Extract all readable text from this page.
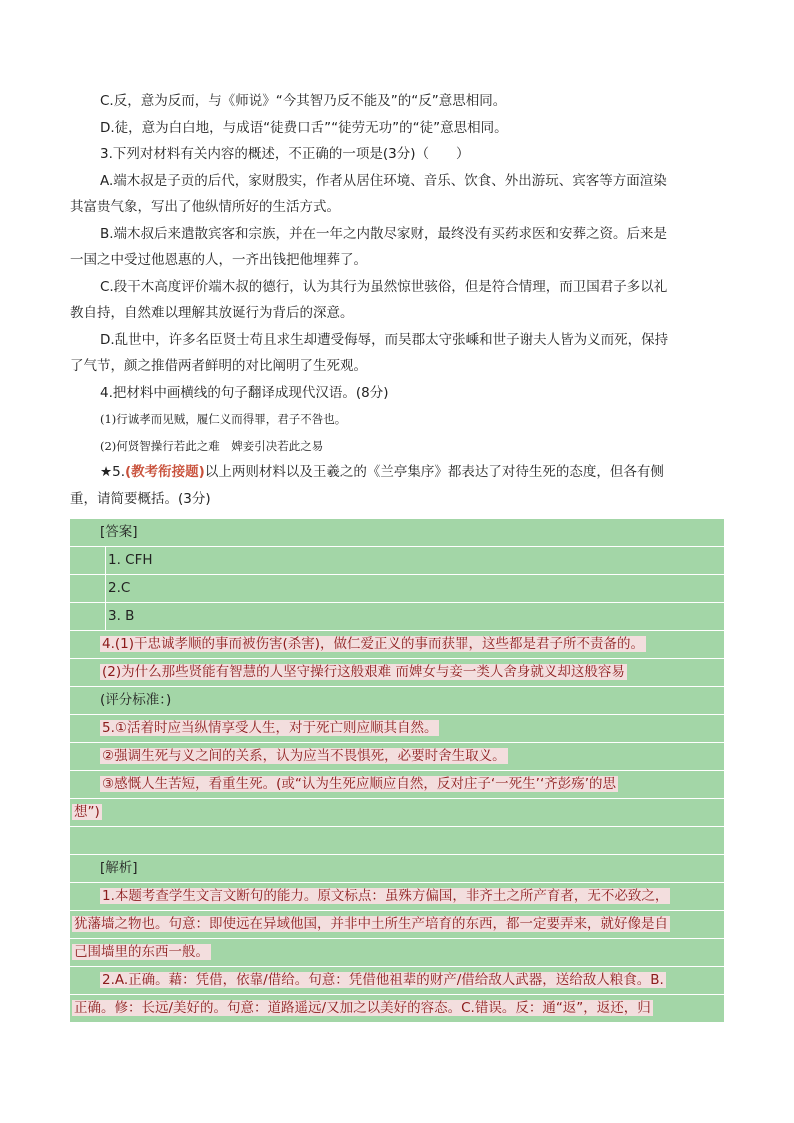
C.反，意为反而，与《师说》“今其智乃反不能及”的“反”意思相同。
D.徒，意为白白地，与成语“徒费口舌”“徒劳无功”的“徒”意思相同。
3.下列对材料有关内容的概述，不正确的一项是(3分)（　　）
A.端木叔是子贡的后代，家财殷实，作者从居住环境、音乐、饮食、外出游玩、宾客等方面渲染
其富贵气象，写出了他纵情所好的生活方式。
B.端木叔后来遣散宾客和宗族，并在一年之内散尽家财，最终没有买药求医和安葬之资。后来是
一国之中受过他恩惠的人，一齐出钱把他埋葬了。
C.段干木高度评价端木叔的德行，认为其行为虽然惊世骇俗，但是符合情理，而卫国君子多以礼
教自持，自然难以理解其放诞行为背后的深意。
D.乱世中，许多名臣贤士苟且求生却遭受侮辱，而吴郡太守张嵊和世子谢夫人皆为义而死，保持
了气节，颜之推借两者鲜明的对比阐明了生死观。
4.把材料中画横线的句子翻译成现代汉语。(8分)
(1)行诚孝而见贼，履仁义而得罪，君子不咎也。
(2)何贤智操行若此之难　婢妾引决若此之易
★5.(教考衔接题)以上两则材料以及王羲之的《兰亭集序》都表达了对待生死的态度，但各有侧
重，请简要概括。(3分)
[答案]
1. CFH
2.C
3. B
4.(1)干忠诚孝顺的事而被伤害(杀害)，做仁爱正义的事而获罪，这些都是君子所不责备的。
(2)为什么那些贤能有智慧的人坚守操行这般艰难 而婢女与妾一类人舍身就义却这般容易
(评分标准：)
5.①活着时应当纵情享受人生，对于死亡则应顺其自然。
②强调生死与义之间的关系，认为应当不畏惧死，必要时舍生取义。
③感慨人生苦短，看重生死。(或“认为生死应顺应自然，反对庄子‘一死生’‘齐彭殇’的思
想”)
[解析]
1.本题考查学生文言文断句的能力。原文标点：虽殊方偏国，非齐土之所产育者，无不必致之，
犹藩墙之物也。句意：即使远在异域他国，并非中土所生产培育的东西，都一定要弄来，就好像是自
己围墙里的东西一般。
2.A.正确。藉：凭借，依靠/借给。句意：凭借他祖辈的财产/借给敌人武器，送给敌人粮食。B.
正确。修：长远/美好的。句意：道路遥远/又加之以美好的容态。C.错误。反：通“返”，返还，归
